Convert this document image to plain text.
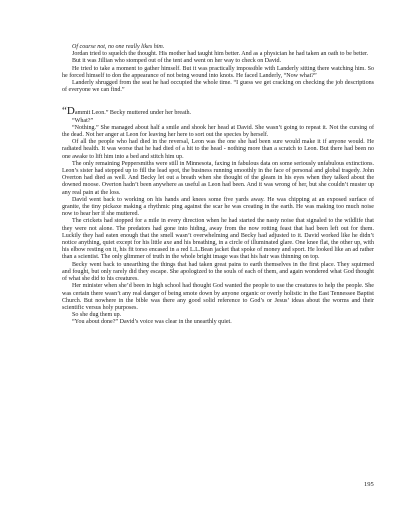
Of course not, no one really likes him.

Jordan tried to squelch the thought. His mother had taught him better. And as a physician he had taken an oath to be better.

But it was Jillian who stomped out of the tent and went on her way to check on David.

He tried to take a moment to gather himself. But it was practically impossible with Landerly sitting there watching him. So he forced himself to don the appearance of not being wound into knots. He faced Landerly, “Now what?”

Landerly shrugged from the seat he had occupied the whole time. “I guess we get cracking on checking the job descriptions of everyone we can find.”

“Dammit Leon.” Becky muttered under her breath.

“What?”

“Nothing.” She managed about half a smile and shook her head at David. She wasn’t going to repeat it. Not the cursing of the dead. Not her anger at Leon for leaving her here to sort out the species by herself.

Of all the people who had died in the reversal, Leon was the one she had been sure would make it if anyone would. He radiated health. It was worse that he had died of a hit to the head - nothing more than a scratch to Leon. But there had been no one awake to lift him into a bed and stitch him up.

The only remaining Peppersmiths were still in Minnesota, faxing in fabulous data on some seriously unfabulous extinctions. Leon’s sister had stepped up to fill the lead spot, the business running smoothly in the face of personal and global tragedy. John Overton had died as well. And Becky let out a breath when she thought of the gleam in his eyes when they talked about the downed moose. Overton hadn’t been anywhere as useful as Leon had been. And it was wrong of her, but she couldn’t muster up any real pain at the loss.

David went back to working on his hands and knees some five yards away. He was chipping at an exposed surface of granite, the tiny pickaxe making a rhythmic ping against the scar he was creating in the earth. He was making too much noise now to hear her if she muttered.

The crickets had stopped for a mile in every direction when he had started the nasty noise that signaled to the wildlife that they were not alone. The predators had gone into hiding, away from the now rotting feast that had been left out for them. Luckily they had eaten enough that the smell wasn’t overwhelming and Becky had adjusted to it. David worked like he didn’t notice anything, quiet except for his little axe and his breathing, in a circle of illuminated glare. One knee flat, the other up, with his elbow resting on it, his fit torso encased in a red L.L.Bean jacket that spoke of money and sport. He looked like an ad rather than a scientist. The only glimmer of truth in the whole bright image was that his hair was thinning on top.

Becky went back to unearthing the things that had taken great pains to earth themselves in the first place. They squirmed and fought, but only rarely did they escape. She apologized to the souls of each of them, and again wondered what God thought of what she did to his creatures.

Her minister when she’d been in high school had thought God wanted the people to use the creatures to help the people. She was certain there wasn’t any real danger of being smote down by anyone organic or overly holistic in the East Tennessee Baptist Church. But nowhere in the bible was there any good solid reference to God’s or Jesus’ ideas about the worms and their scientific versus holy purposes.

So she dug them up.

“You about done?” David’s voice was clear in the unearthly quiet.

195
